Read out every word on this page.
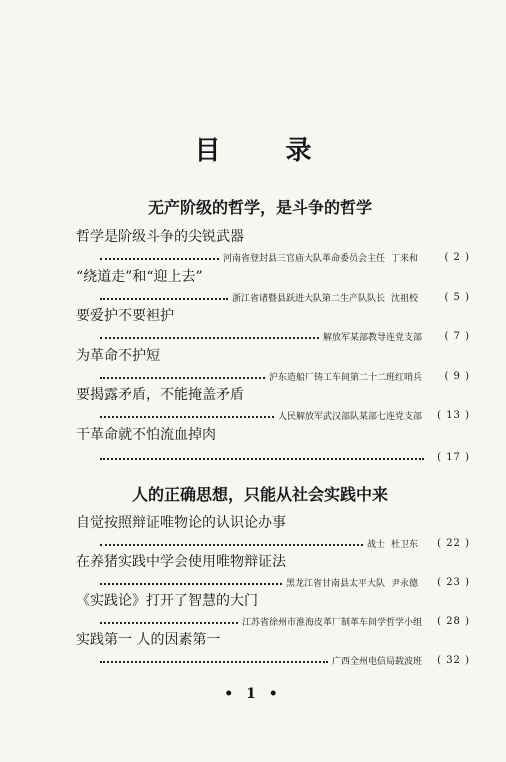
目 录
无产阶级的哲学，是斗争的哲学
哲学是阶级斗争的尖锐武器
河南省登封县三官庙大队革命委员会主任 丁来和	( 2 )
“绕道走”和“迎上去”
浙江省诸暨县跃进大队第二生产队队长 沈祖校	( 5 )
要爱护不要袒护
解放军某部教导连党支部	( 7 )
为革命不护短
沪东造船厂铸工车间第二十二班红哨兵	( 9 )
要揭露矛盾，不能掩盖矛盾
人民解放军武汉部队某部七连党支部	( 13 )
干革命就不怕流血掉肉
( 17 )
人的正确思想，只能从社会实践中来
自觉按照辩证唯物论的认识论办事
战士 杜卫东	( 22 )
在养猪实践中学会使用唯物辩证法
黑龙江省甘南县太平大队 尹永德	( 23 )
《实践论》打开了智慧的大门
江苏省徐州市淮海皮革厂制革车间学哲学小组	( 28 )
实践第一 人的因素第一
广西全州电信局载波班	( 32 )
• 1 •
